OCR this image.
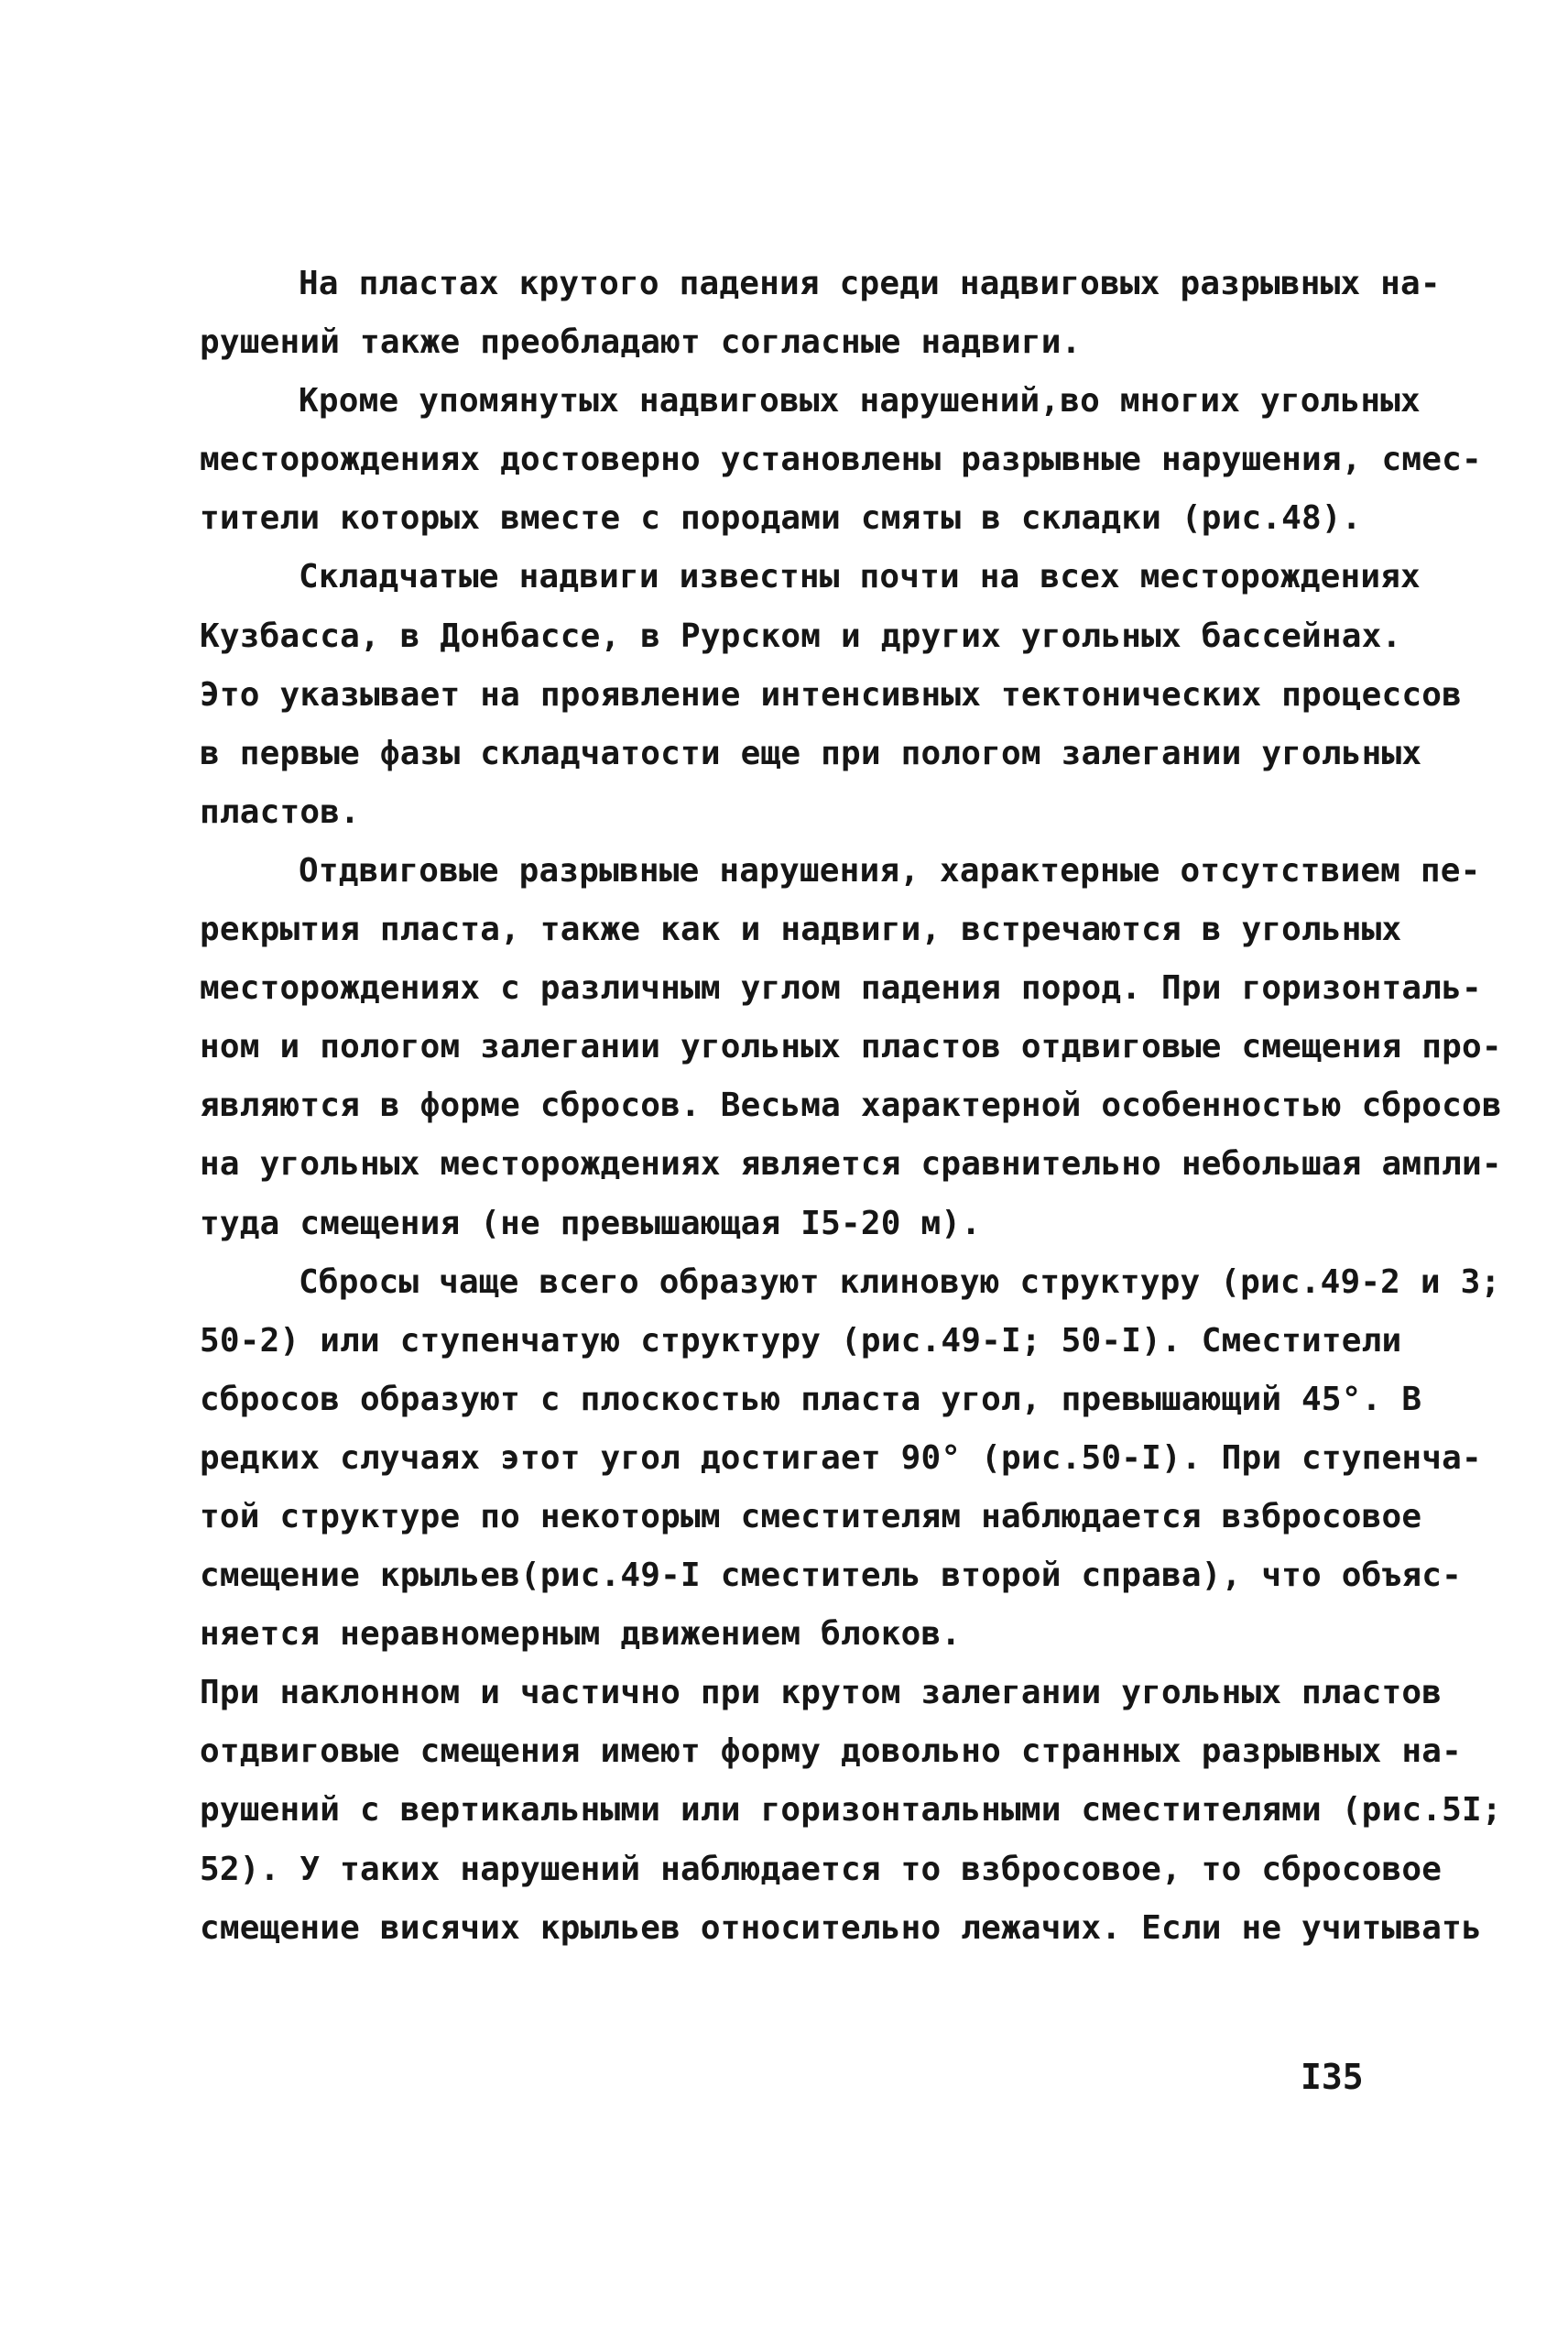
На пластах крутого падения среди надвиговых разрывных на-
рушений также преобладают согласные надвиги.
Кроме упомянутых надвиговых нарушений,во многих угольных
месторождениях достоверно установлены разрывные нарушения, смес-
тители которых вместе с породами смяты в складки (рис.48).
Складчатые надвиги известны почти на всех месторождениях
Кузбасса, в Донбассе, в Рурском и других угольных бассейнах.
Это указывает на проявление интенсивных тектонических процессов
в первые фазы складчатости еще при пологом залегании угольных
пластов.
Отдвиговые разрывные нарушения, характерные отсутствием пе-
рекрытия пласта, также как и надвиги, встречаются в угольных
месторождениях с различным углом падения пород. При горизонталь-
ном и пологом залегании угольных пластов отдвиговые смещения про-
являются в форме сбросов. Весьма характерной особенностью сбросов
на угольных месторождениях является сравнительно небольшая ампли-
туда смещения (не превышающая I5-20 м).
Сбросы чаще всего образуют клиновую структуру (рис.49-2 и 3;
50-2) или ступенчатую структуру (рис.49-I; 50-I). Сместители
сбросов образуют с плоскостью пласта угол, превышающий 45°. В
редких случаях этот угол достигает 90° (рис.50-I). При ступенча-
той структуре по некоторым сместителям наблюдается взбросовое
смещение крыльев(рис.49-I сместитель второй справа), что объяс-
няется неравномерным движением блоков.
При наклонном и частично при крутом залегании угольных пластов
отдвиговые смещения имеют форму довольно странных разрывных на-
рушений с вертикальными или горизонтальными сместителями (рис.5I;
52). У таких нарушений наблюдается то взбросовое, то сбросовое
смещение висячих крыльев относительно лежачих. Если не учитывать
I35
